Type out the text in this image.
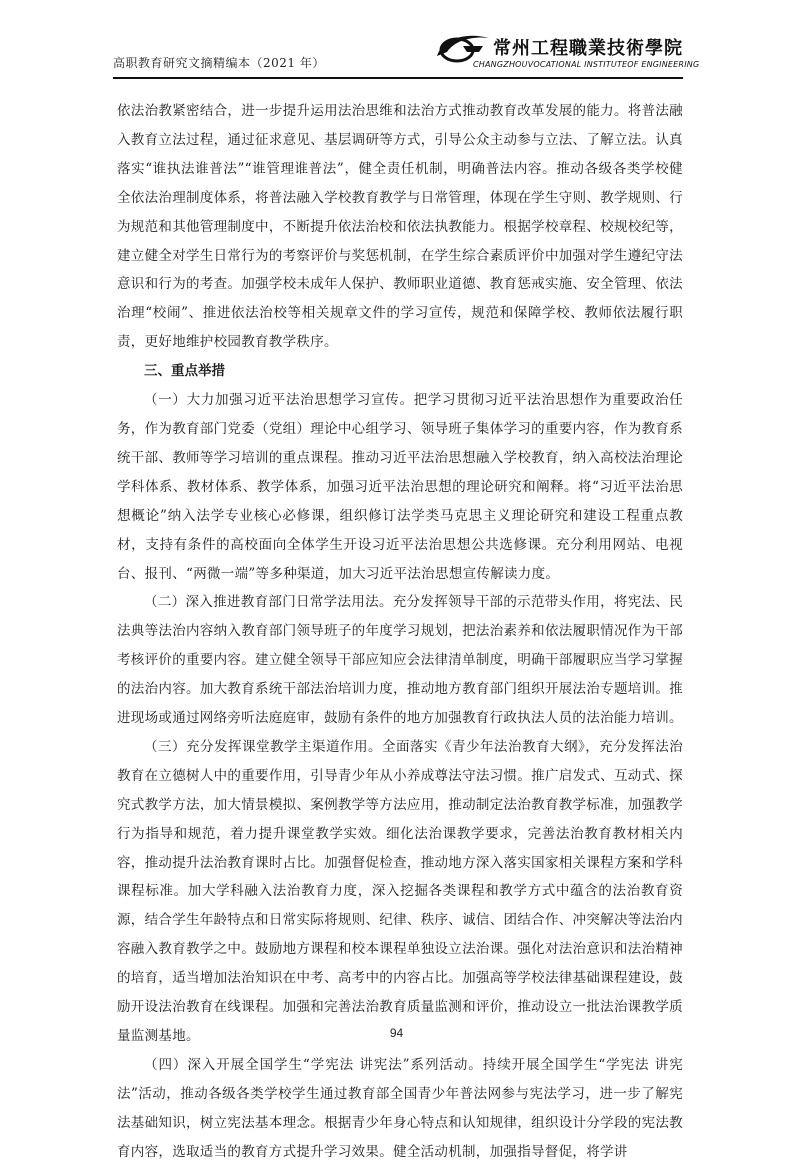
高职教育研究文摘精编本（2021 年）
常州工程職業技術學院
CHANGZHOUVOCATIONAL INSTITUTEOF ENGINEERING

依法治教紧密结合，进一步提升运用法治思维和法治方式推动教育改革发展的能力。将普法融入教育立法过程，通过征求意见、基层调研等方式，引导公众主动参与立法、了解立法。认真落实“谁执法谁普法”“谁管理谁普法”，健全责任机制，明确普法内容。推动各级各类学校健全依法治理制度体系，将普法融入学校教育教学与日常管理，体现在学生守则、教学规则、行为规范和其他管理制度中，不断提升依法治校和依法执教能力。根据学校章程、校规校纪等，建立健全对学生日常行为的考察评价与奖惩机制，在学生综合素质评价中加强对学生遵纪守法意识和行为的考查。加强学校未成年人保护、教师职业道德、教育惩戒实施、安全管理、依法治理“校闹”、推进依法治校等相关规章文件的学习宣传，规范和保障学校、教师依法履行职责，更好地维护校园教育教学秩序。

三、重点举措

（一）大力加强习近平法治思想学习宣传。把学习贯彻习近平法治思想作为重要政治任务，作为教育部门党委（党组）理论中心组学习、领导班子集体学习的重要内容，作为教育系统干部、教师等学习培训的重点课程。推动习近平法治思想融入学校教育，纳入高校法治理论学科体系、教材体系、教学体系，加强习近平法治思想的理论研究和阐释。将“习近平法治思想概论”纳入法学专业核心必修课，组织修订法学类马克思主义理论研究和建设工程重点教材，支持有条件的高校面向全体学生开设习近平法治思想公共选修课。充分利用网站、电视台、报刊、“两微一端”等多种渠道，加大习近平法治思想宣传解读力度。

（二）深入推进教育部门日常学法用法。充分发挥领导干部的示范带头作用，将宪法、民法典等法治内容纳入教育部门领导班子的年度学习规划，把法治素养和依法履职情况作为干部考核评价的重要内容。建立健全领导干部应知应会法律清单制度，明确干部履职应当学习掌握的法治内容。加大教育系统干部法治培训力度，推动地方教育部门组织开展法治专题培训。推进现场或通过网络旁听法庭庭审，鼓励有条件的地方加强教育行政执法人员的法治能力培训。

（三）充分发挥课堂教学主渠道作用。全面落实《青少年法治教育大纲》，充分发挥法治教育在立德树人中的重要作用，引导青少年从小养成尊法守法习惯。推广启发式、互动式、探究式教学方法，加大情景模拟、案例教学等方法应用，推动制定法治教育教学标准，加强教学行为指导和规范，着力提升课堂教学实效。细化法治课教学要求，完善法治教育教材相关内容，推动提升法治教育课时占比。加强督促检查，推动地方深入落实国家相关课程方案和学科课程标准。加大学科融入法治教育力度，深入挖掘各类课程和教学方式中蕴含的法治教育资源，结合学生年龄特点和日常实际将规则、纪律、秩序、诚信、团结合作、冲突解决等法治内容融入教育教学之中。鼓励地方课程和校本课程单独设立法治课。强化对法治意识和法治精神的培育，适当增加法治知识在中考、高考中的内容占比。加强高等学校法律基础课程建设，鼓励开设法治教育在线课程。加强和完善法治教育质量监测和评价，推动设立一批法治课教学质量监测基地。

（四）深入开展全国学生“学宪法 讲宪法”系列活动。持续开展全国学生“学宪法 讲宪法”活动，推动各级各类学校学生通过教育部全国青少年普法网参与宪法学习，进一步了解宪法基础知识，树立宪法基本理念。根据青少年身心特点和认知规律，组织设计分学段的宪法教育内容，选取适当的教育方式提升学习效果。健全活动机制，加强指导督促，将学讲

94
